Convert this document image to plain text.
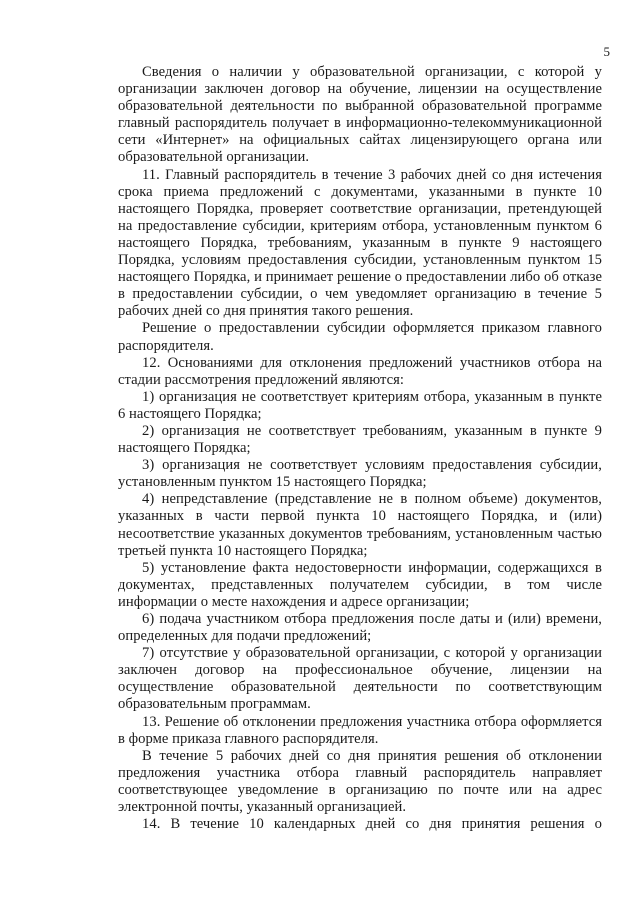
5

Сведения о наличии у образовательной организации, с которой у организации заключен договор на обучение, лицензии на осуществление образовательной деятельности по выбранной образовательной программе главный распорядитель получает в информационно-телекоммуникационной сети «Интернет» на официальных сайтах лицензирующего органа или образовательной организации.

11. Главный распорядитель в течение 3 рабочих дней со дня истечения срока приема предложений с документами, указанными в пункте 10 настоящего Порядка, проверяет соответствие организации, претендующей на предоставление субсидии, критериям отбора, установленным пунктом 6 настоящего Порядка, требованиям, указанным в пункте 9 настоящего Порядка, условиям предоставления субсидии, установленным пунктом 15 настоящего Порядка, и принимает решение о предоставлении либо об отказе в предоставлении субсидии, о чем уведомляет организацию в течение 5 рабочих дней со дня принятия такого решения.

Решение о предоставлении субсидии оформляется приказом главного распорядителя.

12. Основаниями для отклонения предложений участников отбора на стадии рассмотрения предложений являются:

1) организация не соответствует критериям отбора, указанным в пункте 6 настоящего Порядка;

2) организация не соответствует требованиям, указанным в пункте 9 настоящего Порядка;

3) организация не соответствует условиям предоставления субсидии, установленным пунктом 15 настоящего Порядка;

4) непредставление (представление не в полном объеме) документов, указанных в части первой пункта 10 настоящего Порядка, и (или) несоответствие указанных документов требованиям, установленным частью третьей пункта 10 настоящего Порядка;

5) установление факта недостоверности информации, содержащихся в документах, представленных получателем субсидии, в том числе информации о месте нахождения и адресе организации;

6) подача участником отбора предложения после даты и (или) времени, определенных для подачи предложений;

7) отсутствие у образовательной организации, с которой у организации заключен договор на профессиональное обучение, лицензии на осуществление образовательной деятельности по соответствующим образовательным программам.

13. Решение об отклонении предложения участника отбора оформляется в форме приказа главного распорядителя.

В течение 5 рабочих дней со дня принятия решения об отклонении предложения участника отбора главный распорядитель направляет соответствующее уведомление в организацию по почте или на адрес электронной почты, указанный организацией.

14. В течение 10 календарных дней со дня принятия решения о
